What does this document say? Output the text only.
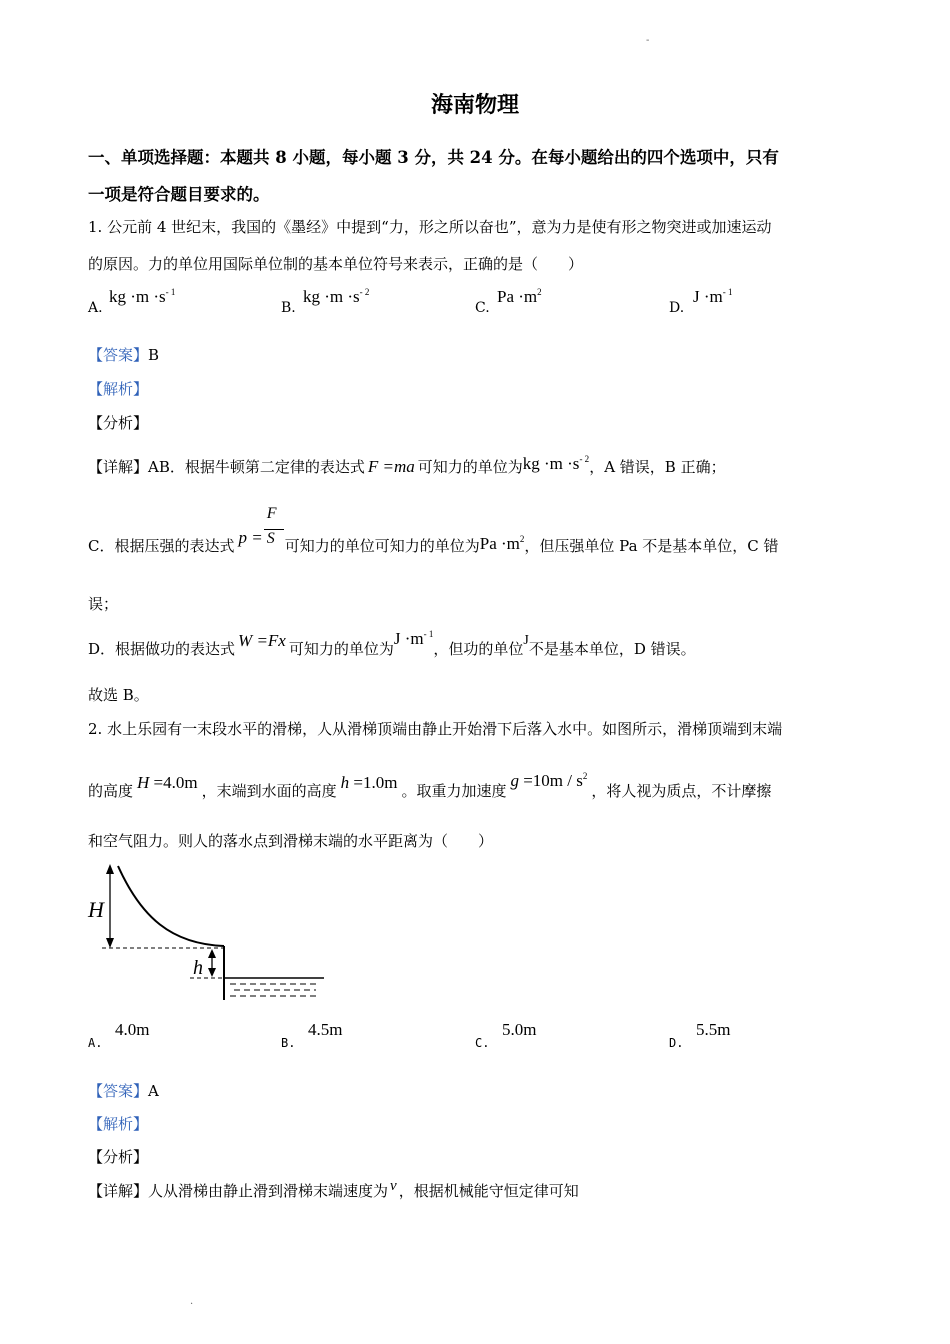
-
.
海南物理
一、单项选择题：本题共 8 小题，每小题 3 分，共 24 分。在每小题给出的四个选项中，只有
一项是符合题目要求的。
1. 公元前 4 世纪末，我国的《墨经》中提到“力，形之所以奋也”，意为力是使有形之物突进或加速运动
的原因。力的单位用国际单位制的基本单位符号来表示，正确的是（　　）
A.
kg $\cdot m \cdot s^{- 1}$
B.
kg $\cdot m \cdot s^{- 2}$
C.
$Pa \cdot m^2$
D.
$J \cdot m^{- 1}$
【答案】B
【解析】
【分析】
【详解】AB．根据牛顿第二定律的表达式 F =ma 可知力的单位为kg $\cdot m \cdot s^{- 2}$，A 错误，B 正确；
C．根据压强的表达式 $p = \frac{F}{S}$ 可知力的单位可知力的单位为$Pa \cdot m^2$，但压强单位 Pa 不是基本单位，C 错
误；
D．根据做功的表达式 W =Fx 可知力的单位为$J \cdot m^{- 1}$，但功的单位J不是基本单位，D 错误。
故选 B。
2. 水上乐园有一末段水平的滑梯，人从滑梯顶端由静止开始滑下后落入水中。如图所示，滑梯顶端到末端
的高度 H =4.0m ，末端到水面的高度 h =1.0m 。取重力加速度$g =10m / s^2$，将人视为质点，不计摩擦
和空气阻力。则人的落水点到滑梯末端的水平距离为（　　）
H
h
A.
4.0m
B.
4.5m
C.
5.0m
D.
5.5m
【答案】A
【解析】
【分析】
【详解】人从滑梯由静止滑到滑梯末端速度为 v ，根据机械能守恒定律可知
